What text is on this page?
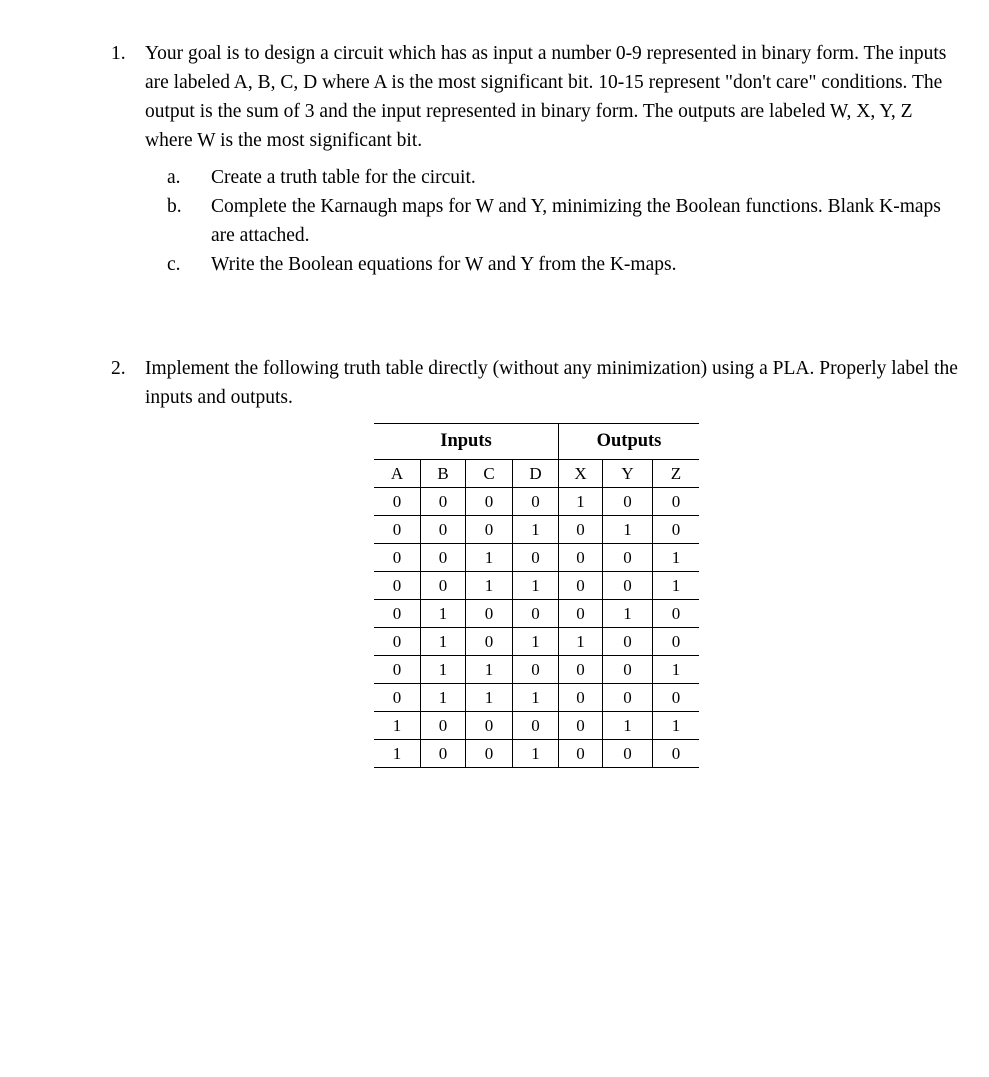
1. Your goal is to design a circuit which has as input a number 0-9 represented in binary form. The inputs are labeled A, B, C, D where A is the most significant bit. 10-15 represent "don't care" conditions. The output is the sum of 3 and the input represented in binary form. The outputs are labeled W, X, Y, Z where W is the most significant bit.
a.	Create a truth table for the circuit.
b.	Complete the Karnaugh maps for W and Y, minimizing the Boolean functions. Blank K-maps are attached.
c.	Write the Boolean equations for W and Y from the K-maps.
2. Implement the following truth table directly (without any minimization) using a PLA. Properly label the inputs and outputs.
Inputs				Outputs		
A	B	C	D	X	Y	Z
0	0	0	0	1	0	0
0	0	0	1	0	1	0
0	0	1	0	0	0	1
0	0	1	1	0	0	1
0	1	0	0	0	1	0
0	1	0	1	1	0	0
0	1	1	0	0	0	1
0	1	1	1	0	0	0
1	0	0	0	0	1	1
1	0	0	1	0	0	0
